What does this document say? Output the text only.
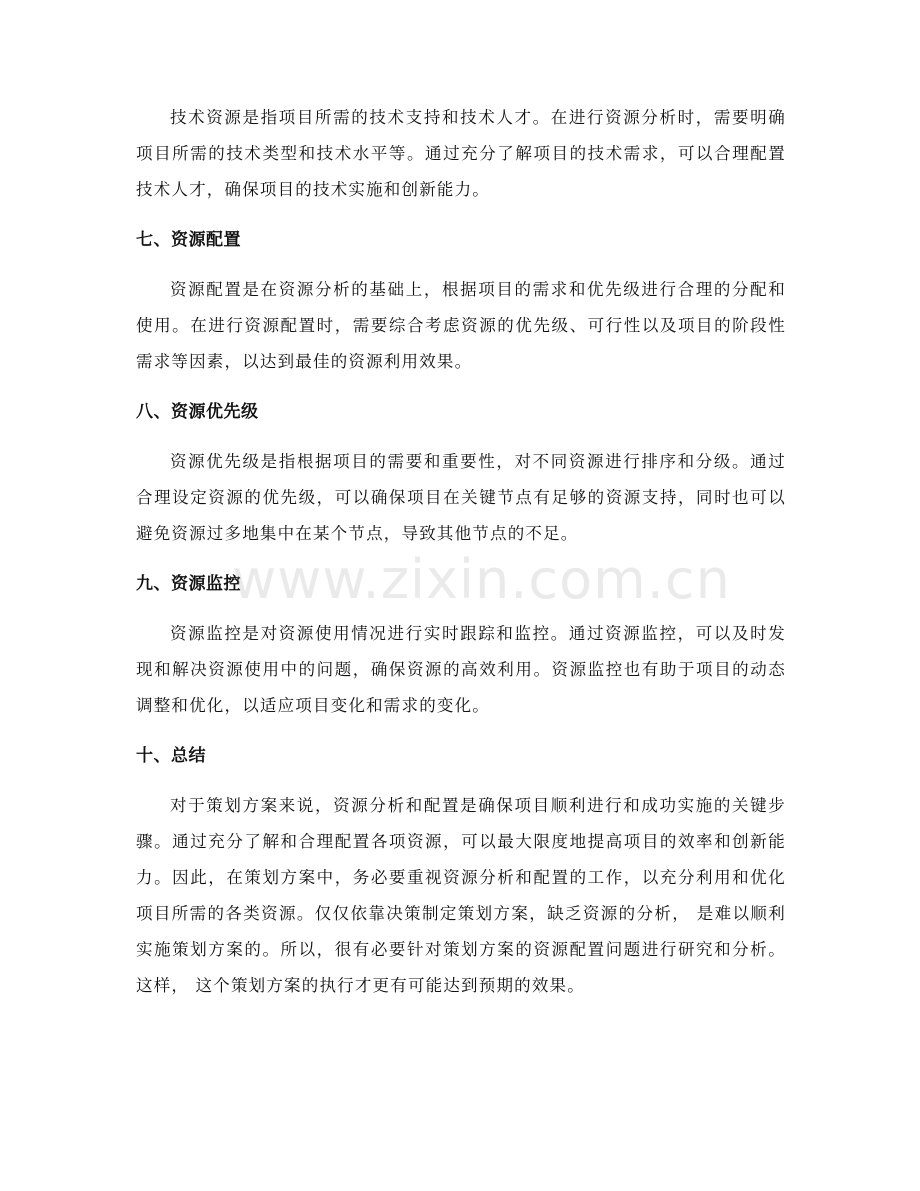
技术资源是指项目所需的技术支持和技术人才。在进行资源分析时，需要明确项目所需的技术类型和技术水平等。通过充分了解项目的技术需求，可以合理配置技术人才，确保项目的技术实施和创新能力。

七、资源配置

资源配置是在资源分析的基础上，根据项目的需求和优先级进行合理的分配和使用。在进行资源配置时，需要综合考虑资源的优先级、可行性以及项目的阶段性需求等因素，以达到最佳的资源利用效果。

八、资源优先级

资源优先级是指根据项目的需要和重要性，对不同资源进行排序和分级。通过合理设定资源的优先级，可以确保项目在关键节点有足够的资源支持，同时也可以避免资源过多地集中在某个节点，导致其他节点的不足。

九、资源监控

资源监控是对资源使用情况进行实时跟踪和监控。通过资源监控，可以及时发现和解决资源使用中的问题，确保资源的高效利用。资源监控也有助于项目的动态调整和优化，以适应项目变化和需求的变化。

十、总结

对于策划方案来说，资源分析和配置是确保项目顺利进行和成功实施的关键步骤。通过充分了解和合理配置各项资源，可以最大限度地提高项目的效率和创新能力。因此，在策划方案中，务必要重视资源分析和配置的工作，以充分利用和优化项目所需的各类资源。仅仅依靠决策制定策划方案，缺乏资源的分析， 是难以顺利实施策划方案的。所以，很有必要针对策划方案的资源配置问题进行研究和分析。这样， 这个策划方案的执行才更有可能达到预期的效果。

www.zixin.com.cn
